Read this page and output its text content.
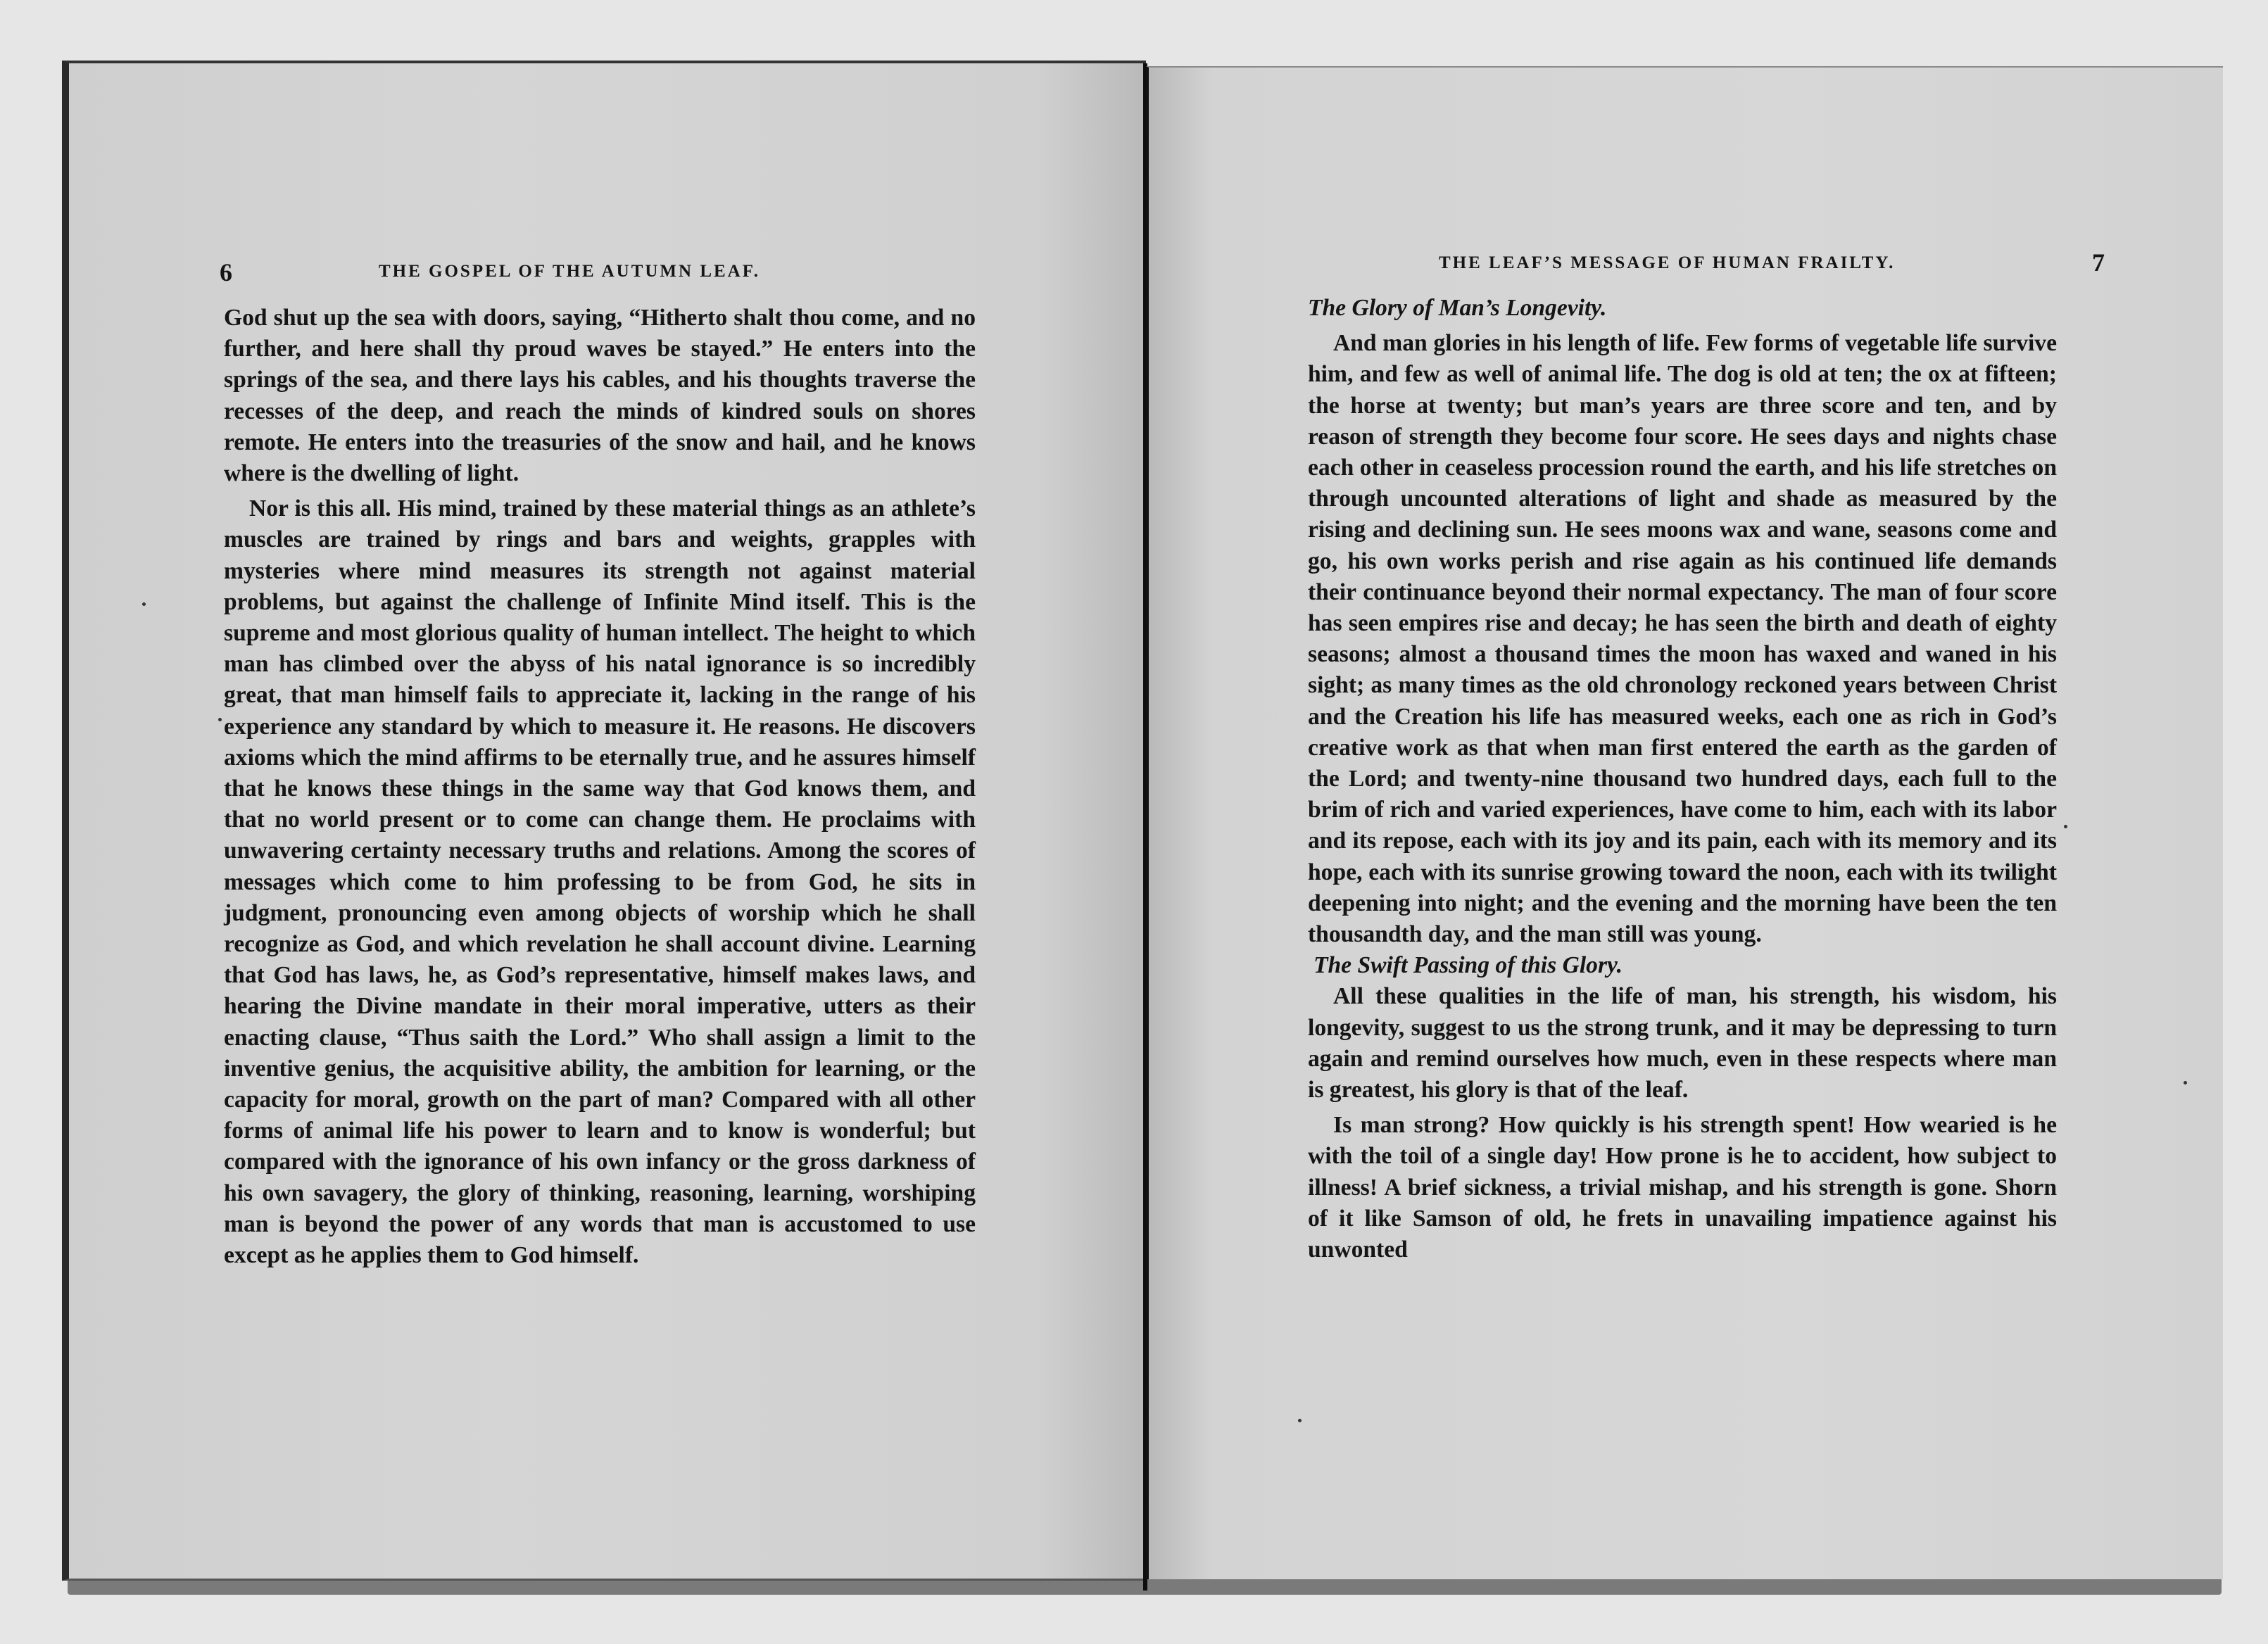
6	THE GOSPEL OF THE AUTUMN LEAF.

God shut up the sea with doors, saying, “Hitherto shalt thou come, and no further, and here shall thy proud waves be stayed.” He enters into the springs of the sea, and there lays his cables, and his thoughts traverse the recesses of the deep, and reach the minds of kindred souls on shores remote. He enters into the treasuries of the snow and hail, and he knows where is the dwelling of light.

Nor is this all. His mind, trained by these material things as an athlete’s muscles are trained by rings and bars and weights, grapples with mysteries where mind measures its strength not against material problems, but against the challenge of Infinite Mind itself. This is the supreme and most glorious quality of human intellect. The height to which man has climbed over the abyss of his natal ignorance is so incredibly great, that man himself fails to appreciate it, lacking in the range of his experience any standard by which to measure it. He reasons. He discovers axioms which the mind affirms to be eternally true, and he assures himself that he knows these things in the same way that God knows them, and that no world present or to come can change them. He proclaims with unwavering certainty necessary truths and relations. Among the scores of messages which come to him professing to be from God, he sits in judgment, pronouncing even among objects of worship which he shall recognize as God, and which revelation he shall account divine. Learning that God has laws, he, as God’s representative, himself makes laws, and hearing the Divine mandate in their moral imperative, utters as their enacting clause, “Thus saith the Lord.” Who shall assign a limit to the inventive genius, the acquisitive ability, the ambition for learning, or the capacity for moral, growth on the part of man? Compared with all other forms of animal life his power to learn and to know is wonderful; but compared with the ignorance of his own infancy or the gross darkness of his own savagery, the glory of thinking, reasoning, learning, worshiping man is beyond the power of any words that man is accustomed to use except as he applies them to God himself.

THE LEAF’S MESSAGE OF HUMAN FRAILTY.	7

The Glory of Man’s Longevity.

And man glories in his length of life. Few forms of vegetable life survive him, and few as well of animal life. The dog is old at ten; the ox at fifteen; the horse at twenty; but man’s years are three score and ten, and by reason of strength they become four score. He sees days and nights chase each other in ceaseless procession round the earth, and his life stretches on through uncounted alterations of light and shade as measured by the rising and declining sun. He sees moons wax and wane, seasons come and go, his own works perish and rise again as his continued life demands their continuance beyond their normal expectancy. The man of four score has seen empires rise and decay; he has seen the birth and death of eighty seasons; almost a thousand times the moon has waxed and waned in his sight; as many times as the old chronology reckoned years between Christ and the Creation his life has measured weeks, each one as rich in God’s creative work as that when man first entered the earth as the garden of the Lord; and twenty-nine thousand two hundred days, each full to the brim of rich and varied experiences, have come to him, each with its labor and its repose, each with its joy and its pain, each with its memory and its hope, each with its sunrise growing toward the noon, each with its twilight deepening into night; and the evening and the morning have been the ten thousandth day, and the man still was young.

The Swift Passing of this Glory.

All these qualities in the life of man, his strength, his wisdom, his longevity, suggest to us the strong trunk, and it may be depressing to turn again and remind ourselves how much, even in these respects where man is greatest, his glory is that of the leaf.

Is man strong? How quickly is his strength spent! How wearied is he with the toil of a single day! How prone is he to accident, how subject to illness! A brief sickness, a trivial mishap, and his strength is gone. Shorn of it like Samson of old, he frets in unavailing impatience against his unwonted
